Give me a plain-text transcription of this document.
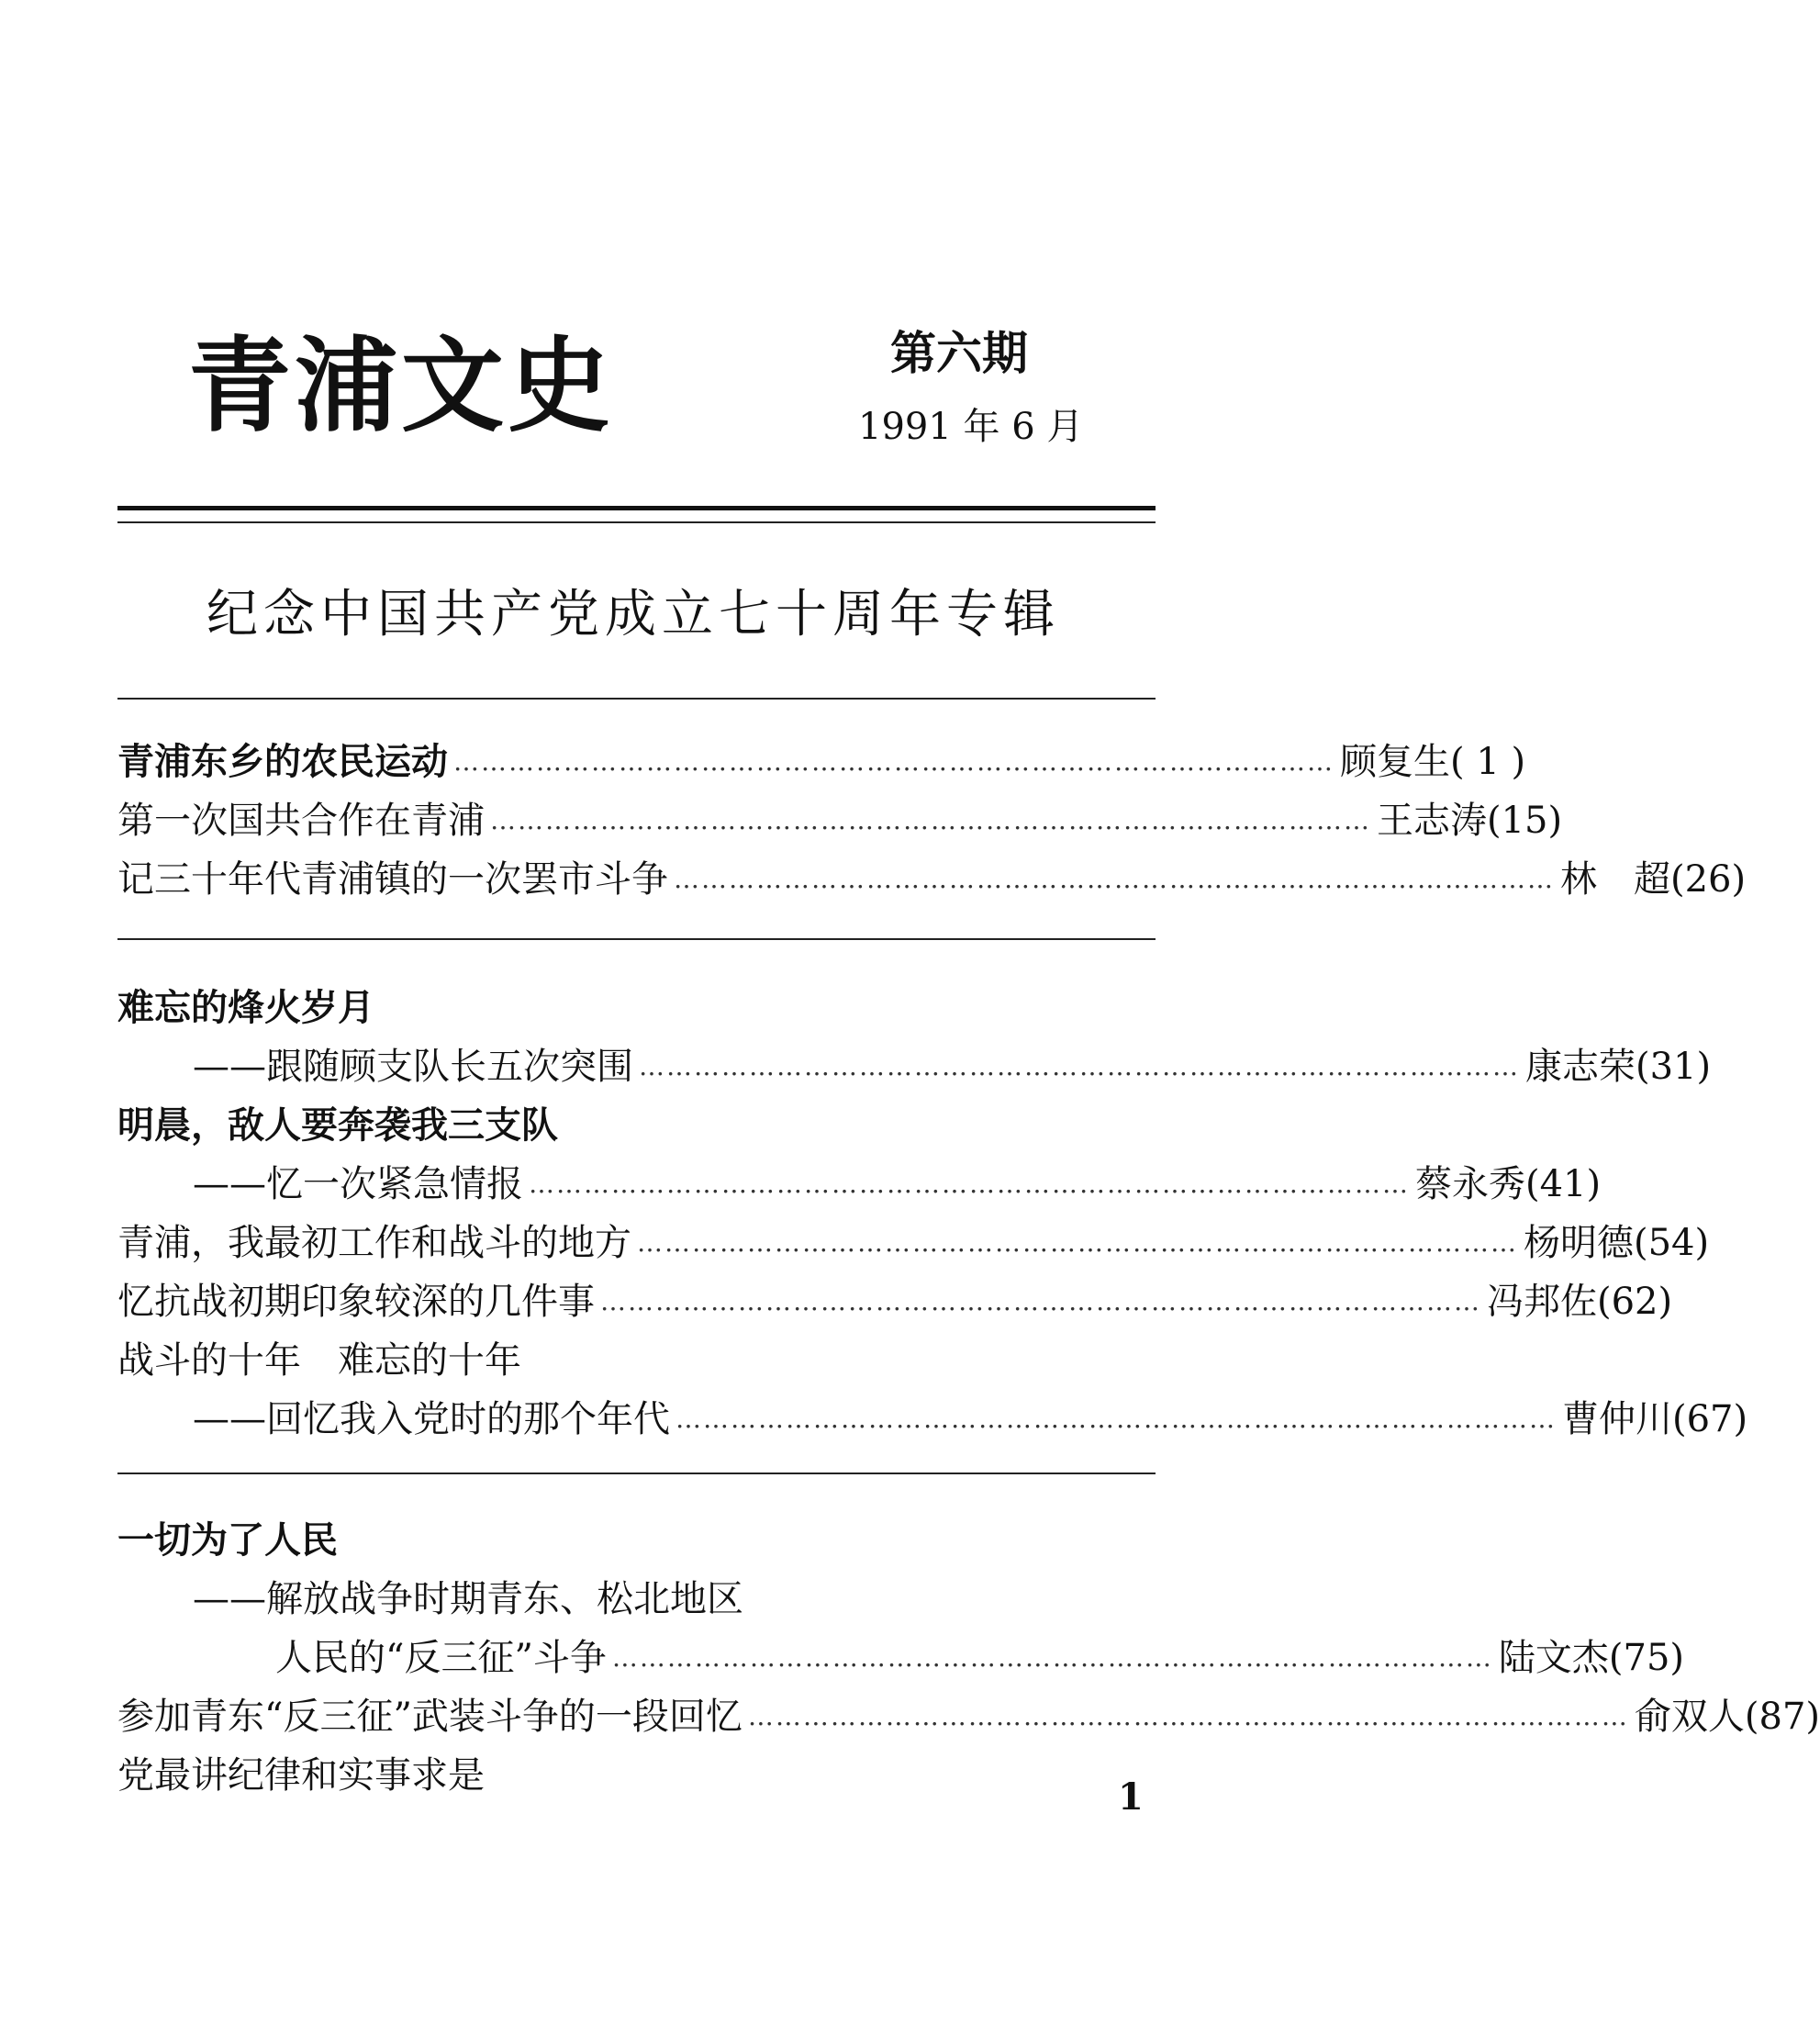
青浦文史	第六期
1991 年 6 月
纪念中国共产党成立七十周年专辑
青浦东乡的农民运动 …………………………………………………………………………………… 顾复生 ( 1 )
第一次国共合作在青浦 …………………………………………………………………………………… 王志涛 (15)
记三十年代青浦镇的一次罢市斗争 …………………………………………………………………………………… 林　超 (26)
难忘的烽火岁月
——跟随顾支队长五次突围 …………………………………………………………………………………… 康志荣 (31)
明晨，敌人要奔袭我三支队
——忆一次紧急情报 …………………………………………………………………………………… 蔡永秀 (41)
青浦，我最初工作和战斗的地方 …………………………………………………………………………………… 杨明德 (54)
忆抗战初期印象较深的几件事 …………………………………………………………………………………… 冯邦佐 (62)
战斗的十年　难忘的十年
——回忆我入党时的那个年代 …………………………………………………………………………………… 曹仲川 (67)
一切为了人民
——解放战争时期青东、松北地区
人民的“反三征”斗争 …………………………………………………………………………………… 陆文杰 (75)
参加青东“反三征”武装斗争的一段回忆 …………………………………………………………………………………… 俞双人 (87)
党最讲纪律和实事求是	1
